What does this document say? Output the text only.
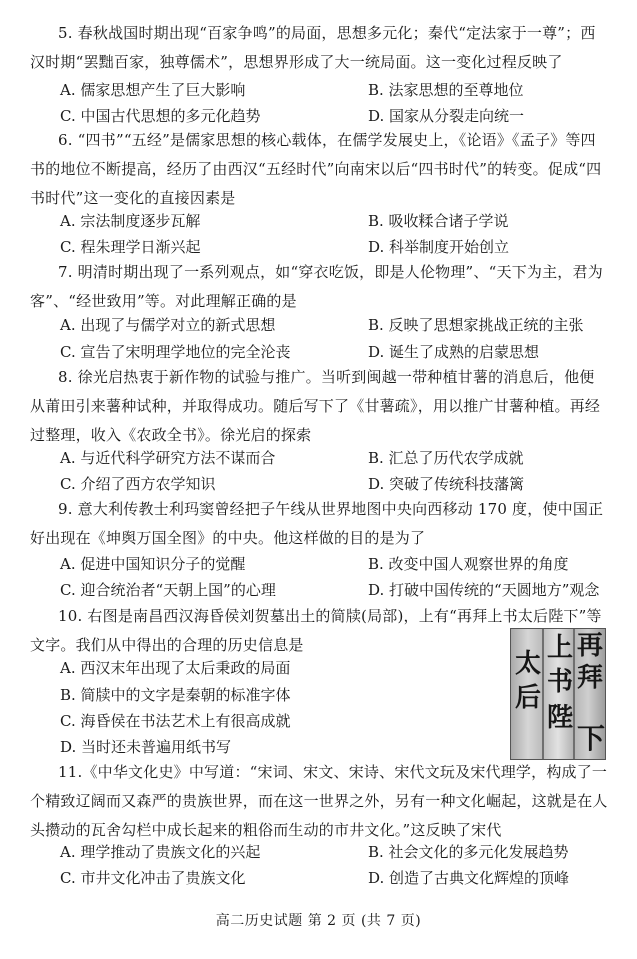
5. 春秋战国时期出现“百家争鸣”的局面，思想多元化；秦代“定法家于一尊”；西汉时期“罢黜百家，独尊儒术”，思想界形成了大一统局面。这一变化过程反映了
A. 儒家思想产生了巨大影响	B. 法家思想的至尊地位
C. 中国古代思想的多元化趋势	D. 国家从分裂走向统一
6. “四书”“五经”是儒家思想的核心载体，在儒学发展史上，《论语》《孟子》等四书的地位不断提高，经历了由西汉“五经时代”向南宋以后“四书时代”的转变。促成“四书时代”这一变化的直接因素是
A. 宗法制度逐步瓦解	B. 吸收糅合诸子学说
C. 程朱理学日渐兴起	D. 科举制度开始创立
7. 明清时期出现了一系列观点，如“穿衣吃饭，即是人伦物理”、“天下为主，君为客”、“经世致用”等。对此理解正确的是
A. 出现了与儒学对立的新式思想	B. 反映了思想家挑战正统的主张
C. 宣告了宋明理学地位的完全沦丧	D. 诞生了成熟的启蒙思想
8. 徐光启热衷于新作物的试验与推广。当听到闽越一带种植甘薯的消息后，他便从莆田引来薯种试种，并取得成功。随后写下了《甘薯疏》，用以推广甘薯种植。再经过整理，收入《农政全书》。徐光启的探索
A. 与近代科学研究方法不谋而合	B. 汇总了历代农学成就
C. 介绍了西方农学知识	D. 突破了传统科技藩篱
9. 意大利传教士利玛窦曾经把子午线从世界地图中央向西移动 170 度，使中国正好出现在《坤舆万国全图》的中央。他这样做的目的是为了
A. 促进中国知识分子的觉醒	B. 改变中国人观察世界的角度
C. 迎合统治者“天朝上国”的心理	D. 打破中国传统的“天圆地方”观念
10. 右图是南昌西汉海昏侯刘贺墓出土的简牍(局部)，上有“再拜上书太后陛下”等文字。我们从中得出的合理的历史信息是
A. 西汉末年出现了太后秉政的局面
B. 简牍中的文字是秦朝的标准字体
C. 海昏侯在书法艺术上有很高成就
D. 当时还未普遍用纸书写
再
拜
上
书
太
后
陛
下
11.《中华文化史》中写道：“宋词、宋文、宋诗、宋代文玩及宋代理学，构成了一个精致辽阔而又森严的贵族世界，而在这一世界之外，另有一种文化崛起，这就是在人头攒动的瓦舍勾栏中成长起来的粗俗而生动的市井文化。”这反映了宋代
A. 理学推动了贵族文化的兴起	B. 社会文化的多元化发展趋势
C. 市井文化冲击了贵族文化	D. 创造了古典文化辉煌的顶峰
高二历史试题 第 2 页 (共 7 页)
